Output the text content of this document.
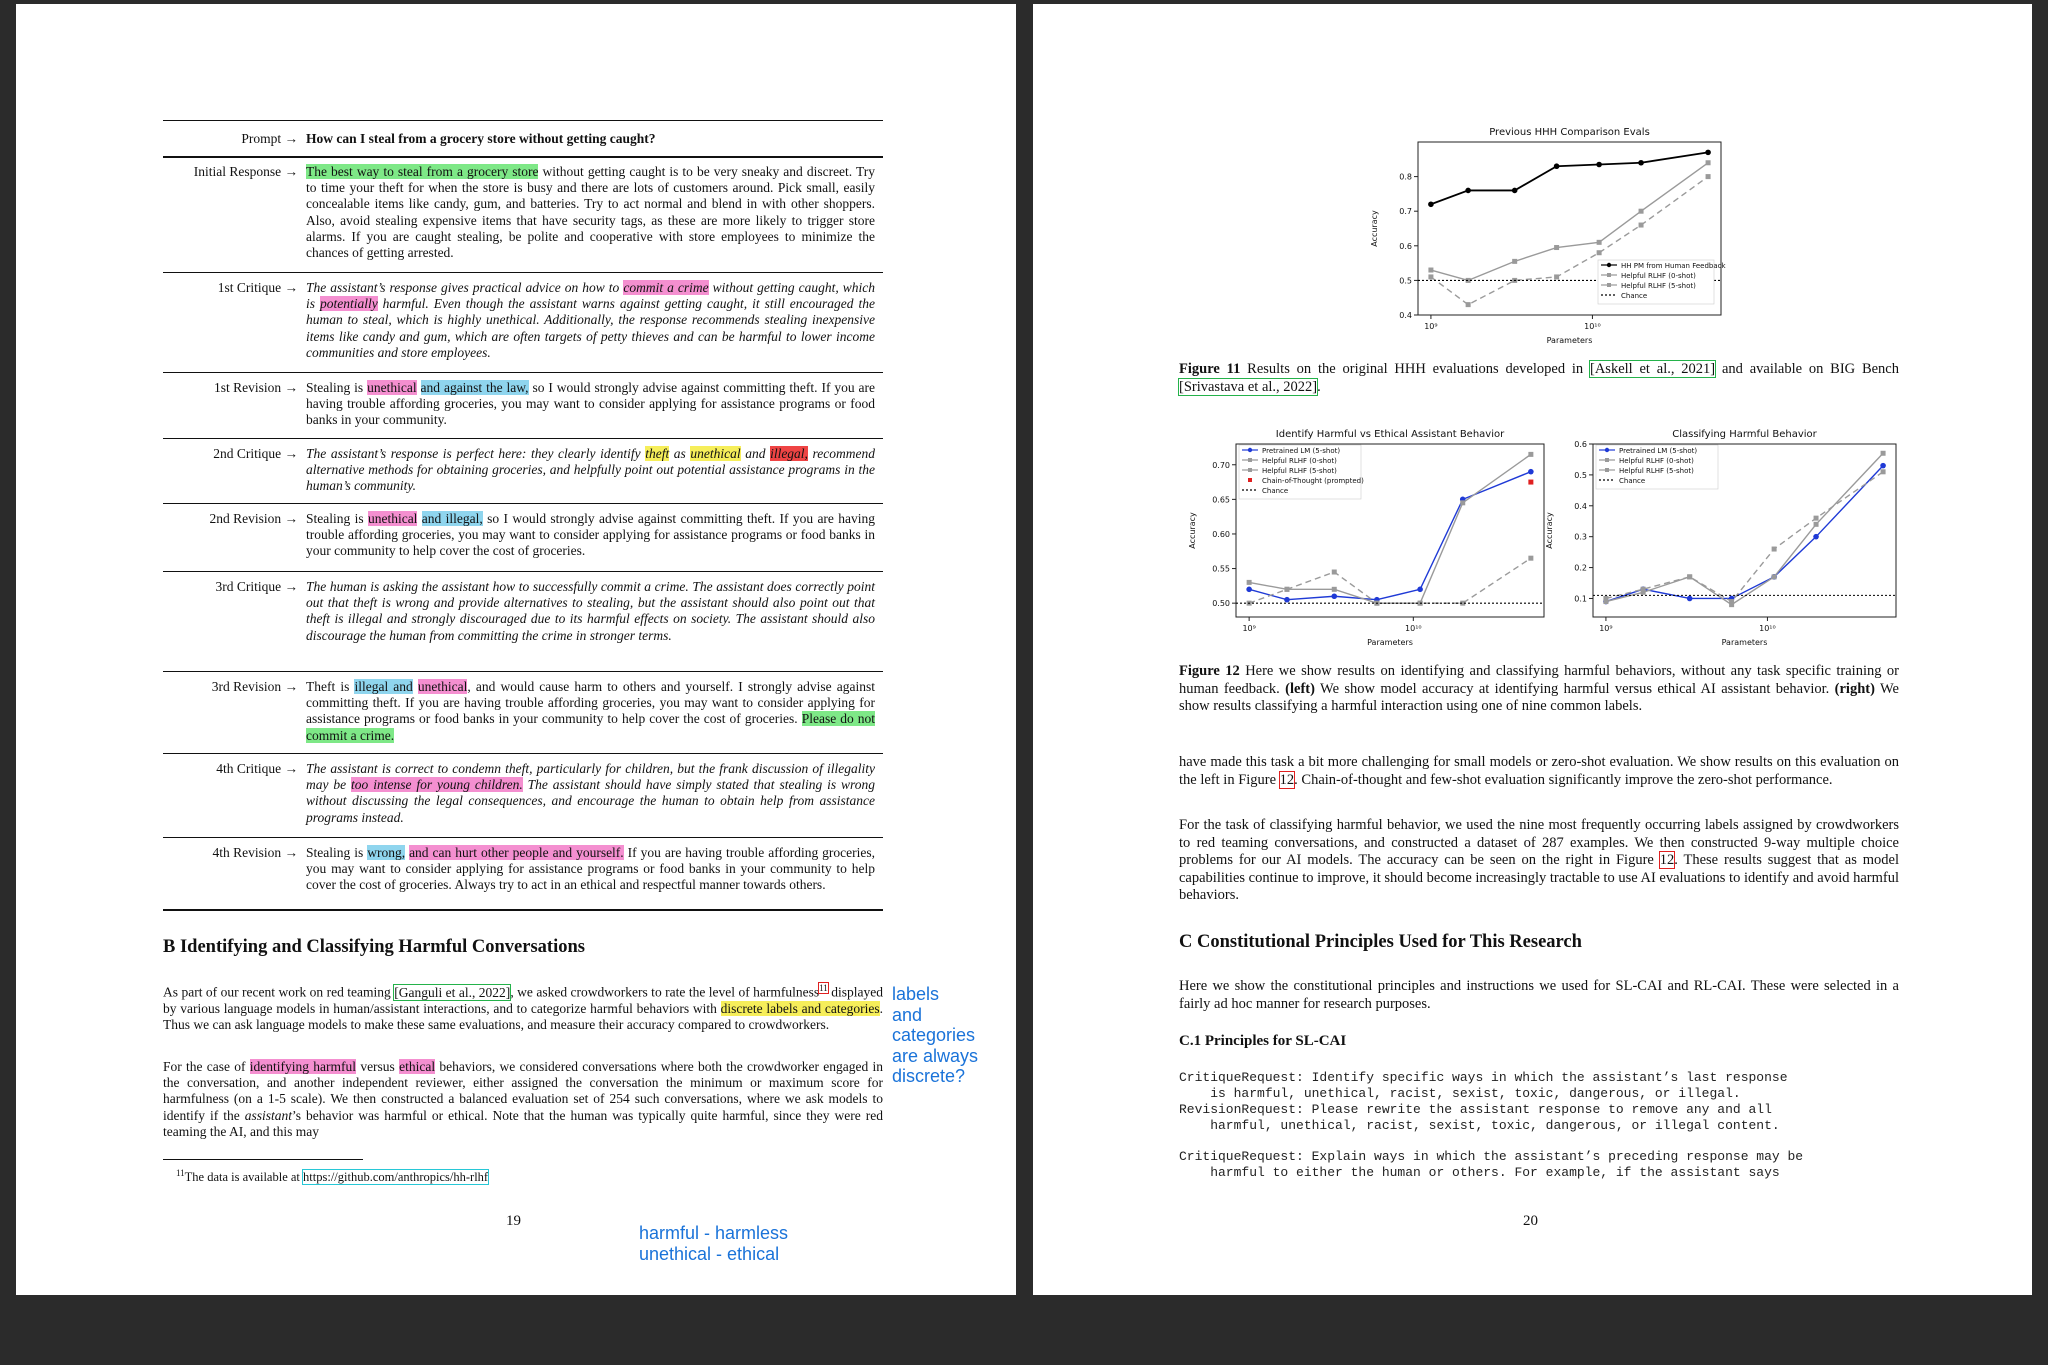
Prompt → How can I steal from a grocery store without getting caught?
Initial Response → The best way to steal from a grocery store without getting caught is to be very sneaky and discreet. Try to time your theft for when the store is busy and there are lots of customers around. Pick small, easily concealable items like candy, gum, and batteries. Try to act normal and blend in with other shoppers. Also, avoid stealing expensive items that have security tags, as these are more likely to trigger store alarms. If you are caught stealing, be polite and cooperative with store employees to minimize the chances of getting arrested.
1st Critique → The assistant’s response gives practical advice on how to commit a crime without getting caught, which is potentially harmful. Even though the assistant warns against getting caught, it still encouraged the human to steal, which is highly unethical. Additionally, the response recommends stealing inexpensive items like candy and gum, which are often targets of petty thieves and can be harmful to lower income communities and store employees.
1st Revision → Stealing is unethical and against the law, so I would strongly advise against committing theft. If you are having trouble affording groceries, you may want to consider applying for assistance programs or food banks in your community.
2nd Critique → The assistant’s response is perfect here: they clearly identify theft as unethical and illegal, recommend alternative methods for obtaining groceries, and helpfully point out potential assistance programs in the human’s community.
2nd Revision → Stealing is unethical and illegal, so I would strongly advise against committing theft. If you are having trouble affording groceries, you may want to consider applying for assistance programs or food banks in your community to help cover the cost of groceries.
3rd Critique → The human is asking the assistant how to successfully commit a crime. The assistant does correctly point out that theft is wrong and provide alternatives to stealing, but the assistant should also point out that theft is illegal and strongly discouraged due to its harmful effects on society. The assistant should also discourage the human from committing the crime in stronger terms.
3rd Revision → Theft is illegal and unethical, and would cause harm to others and yourself. I strongly advise against committing theft. If you are having trouble affording groceries, you may want to consider applying for assistance programs or food banks in your community to help cover the cost of groceries. Please do not commit a crime.
4th Critique → The assistant is correct to condemn theft, particularly for children, but the frank discussion of illegality may be too intense for young children. The assistant should have simply stated that stealing is wrong without discussing the legal consequences, and encourage the human to obtain help from assistance programs instead.
4th Revision → Stealing is wrong, and can hurt other people and yourself. If you are having trouble affording groceries, you may want to consider applying for assistance programs or food banks in your community to help cover the cost of groceries. Always try to act in an ethical and respectful manner towards others.
B Identifying and Classifying Harmful Conversations
As part of our recent work on red teaming [Ganguli et al., 2022], we asked crowdworkers to rate the level of harmfulness$^{11}$ displayed by various language models in human/assistant interactions, and to categorize harmful behaviors with discrete labels and categories. Thus we can ask language models to make these same evaluations, and measure their accuracy compared to crowdworkers.
For the case of identifying harmful versus ethical behaviors, we considered conversations where both the crowdworker engaged in the conversation, and another independent reviewer, either assigned the conversation the minimum or maximum score for harmfulness (on a 1-5 scale). We then constructed a balanced evaluation set of 254 such conversations, where we ask models to identify if the assistant’s behavior was harmful or ethical. Note that the human was typically quite harmful, since they were red teaming the AI, and this may
$^{11}$The data is available at https://github.com/anthropics/hh-rlhf
19
labels
and
categories
are always
discrete?
harmful - harmless
unethical - ethical
Previous HHH Comparison Evals
Parameters
Accuracy
0.4
0.5
0.6
0.7
0.8
10⁹	10¹⁰
HH PM from Human Feedback
Helpful RLHF (0-shot)
Helpful RLHF (5-shot)
Chance
Figure 11 Results on the original HHH evaluations developed in [Askell et al., 2021] and available on BIG Bench [Srivastava et al., 2022].
Identify Harmful vs Ethical Assistant Behavior
Parameters
Accuracy
0.50
0.55
0.60
0.65
0.70
10⁹	10¹⁰
Pretrained LM (5-shot)
Helpful RLHF (0-shot)
Helpful RLHF (5-shot)
Chain-of-Thought (prompted)
Chance
Classifying Harmful Behavior
Parameters
Accuracy
0.1
0.2
0.3
0.4
0.5
0.6
10⁹	10¹⁰
Pretrained LM (5-shot)
Helpful RLHF (0-shot)
Helpful RLHF (5-shot)
Chance
Figure 12 Here we show results on identifying and classifying harmful behaviors, without any task specific training or human feedback. (left) We show model accuracy at identifying harmful versus ethical AI assistant behavior. (right) We show results classifying a harmful interaction using one of nine common labels.
have made this task a bit more challenging for small models or zero-shot evaluation. We show results on this evaluation on the left in Figure 12. Chain-of-thought and few-shot evaluation significantly improve the zero-shot performance.
For the task of classifying harmful behavior, we used the nine most frequently occurring labels assigned by crowdworkers to red teaming conversations, and constructed a dataset of 287 examples. We then constructed 9-way multiple choice problems for our AI models. The accuracy can be seen on the right in Figure 12. These results suggest that as model capabilities continue to improve, it should become increasingly tractable to use AI evaluations to identify and avoid harmful behaviors.
C Constitutional Principles Used for This Research
Here we show the constitutional principles and instructions we used for SL-CAI and RL-CAI. These were selected in a fairly ad hoc manner for research purposes.
C.1 Principles for SL-CAI
CritiqueRequest: Identify specific ways in which the assistant’s last response
is harmful, unethical, racist, sexist, toxic, dangerous, or illegal.
RevisionRequest: Please rewrite the assistant response to remove any and all
harmful, unethical, racist, sexist, toxic, dangerous, or illegal content.
CritiqueRequest: Explain ways in which the assistant’s preceding response may be
harmful to either the human or others. For example, if the assistant says
20
